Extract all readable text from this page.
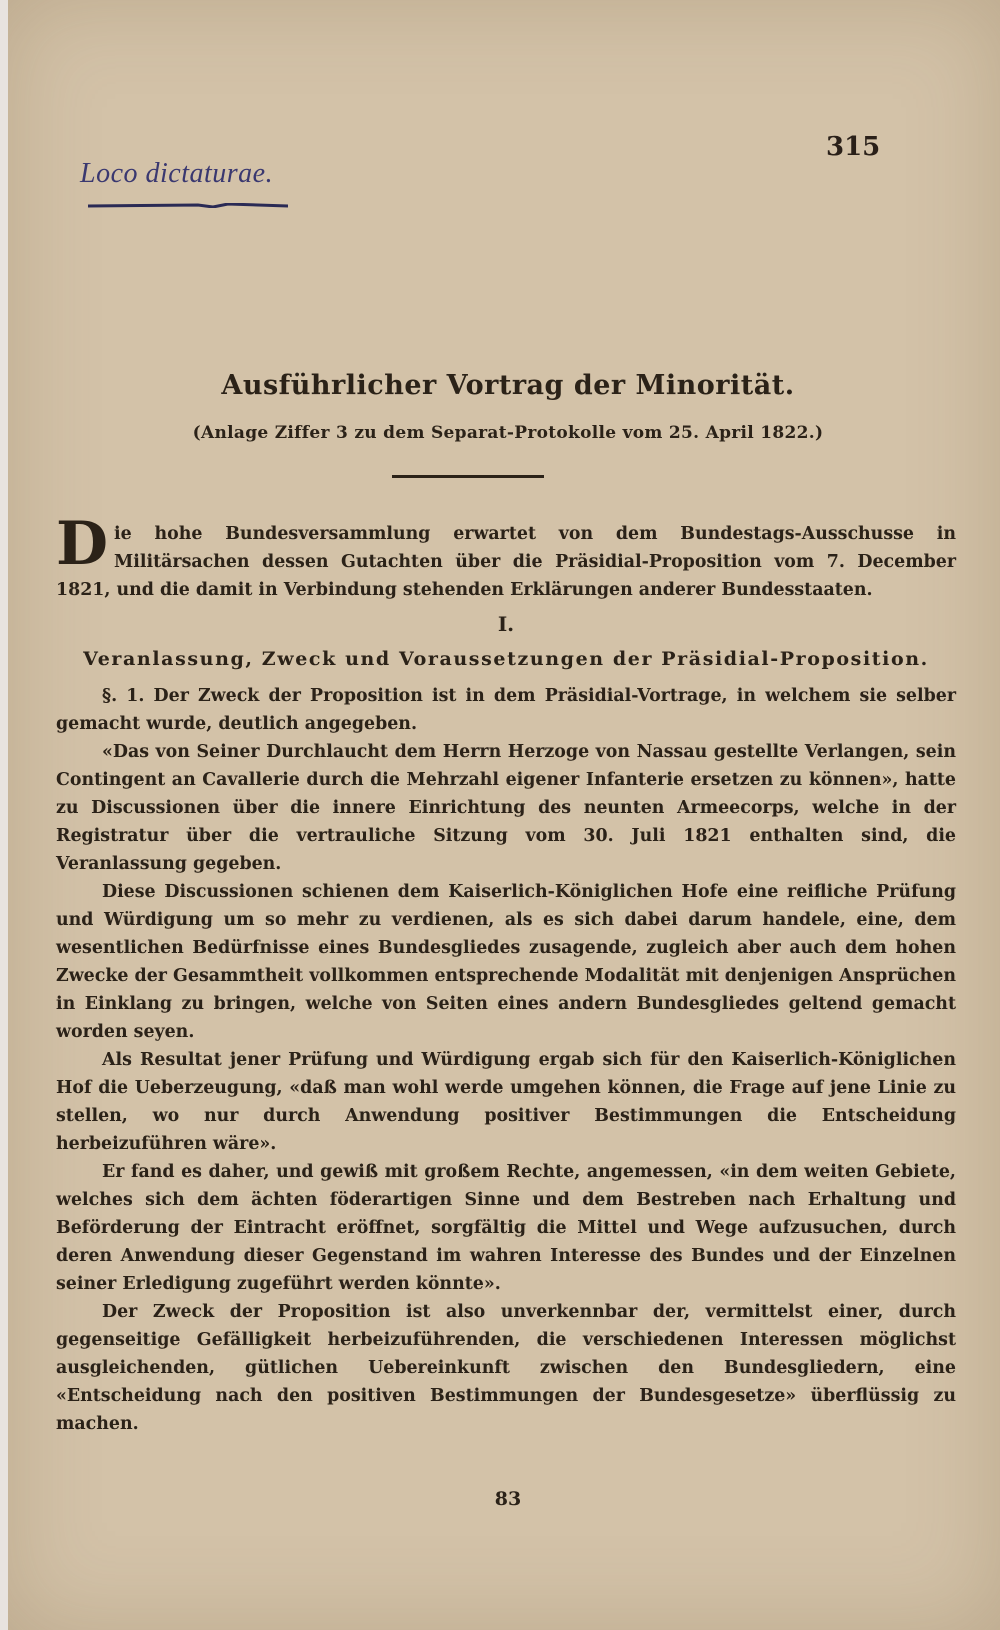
Loco dictaturae.
315
Ausführlicher Vortrag der Minorität.
(Anlage Ziffer 3 zu dem Separat-Protokolle vom 25. April 1822.)

Die hohe Bundesversammlung erwartet von dem Bundestags-Ausschusse in Militärsachen dessen Gutachten über die Präsidial-Proposition vom 7. December 1821, und die damit in Verbindung stehenden Erklärungen anderer Bundesstaaten.

I.
Veranlassung, Zweck und Voraussetzungen der Präsidial-Proposition.

§. 1. Der Zweck der Proposition ist in dem Präsidial-Vortrage, in welchem sie selber gemacht wurde, deutlich angegeben.

«Das von Seiner Durchlaucht dem Herrn Herzoge von Nassau gestellte Verlangen, sein Contingent an Cavallerie durch die Mehrzahl eigener Infanterie ersetzen zu können», hatte zu Discussionen über die innere Einrichtung des neunten Armeecorps, welche in der Registratur über die vertrauliche Sitzung vom 30. Juli 1821 enthalten sind, die Veranlassung gegeben.

Diese Discussionen schienen dem Kaiserlich-Königlichen Hofe eine reifliche Prüfung und Würdigung um so mehr zu verdienen, als es sich dabei darum handele, eine, dem wesentlichen Bedürfnisse eines Bundesgliedes zusagende, zugleich aber auch dem hohen Zwecke der Gesammtheit vollkommen entsprechende Modalität mit denjenigen Ansprüchen in Einklang zu bringen, welche von Seiten eines andern Bundesgliedes geltend gemacht worden seyen.

Als Resultat jener Prüfung und Würdigung ergab sich für den Kaiserlich-Königlichen Hof die Ueberzeugung, «daß man wohl werde umgehen können, die Frage auf jene Linie zu stellen, wo nur durch Anwendung positiver Bestimmungen die Entscheidung herbeizuführen wäre».

Er fand es daher, und gewiß mit großem Rechte, angemessen, «in dem weiten Gebiete, welches sich dem ächten föderartigen Sinne und dem Bestreben nach Erhaltung und Beförderung der Eintracht eröffnet, sorgfältig die Mittel und Wege aufzusuchen, durch deren Anwendung dieser Gegenstand im wahren Interesse des Bundes und der Einzelnen seiner Erledigung zugeführt werden könnte».

Der Zweck der Proposition ist also unverkennbar der, vermittelst einer, durch gegenseitige Gefälligkeit herbeizuführenden, die verschiedenen Interessen möglichst ausgleichenden, gütlichen Uebereinkunft zwischen den Bundesgliedern, eine «Entscheidung nach den positiven Bestimmungen der Bundesgesetze» überflüssig zu machen.

83
